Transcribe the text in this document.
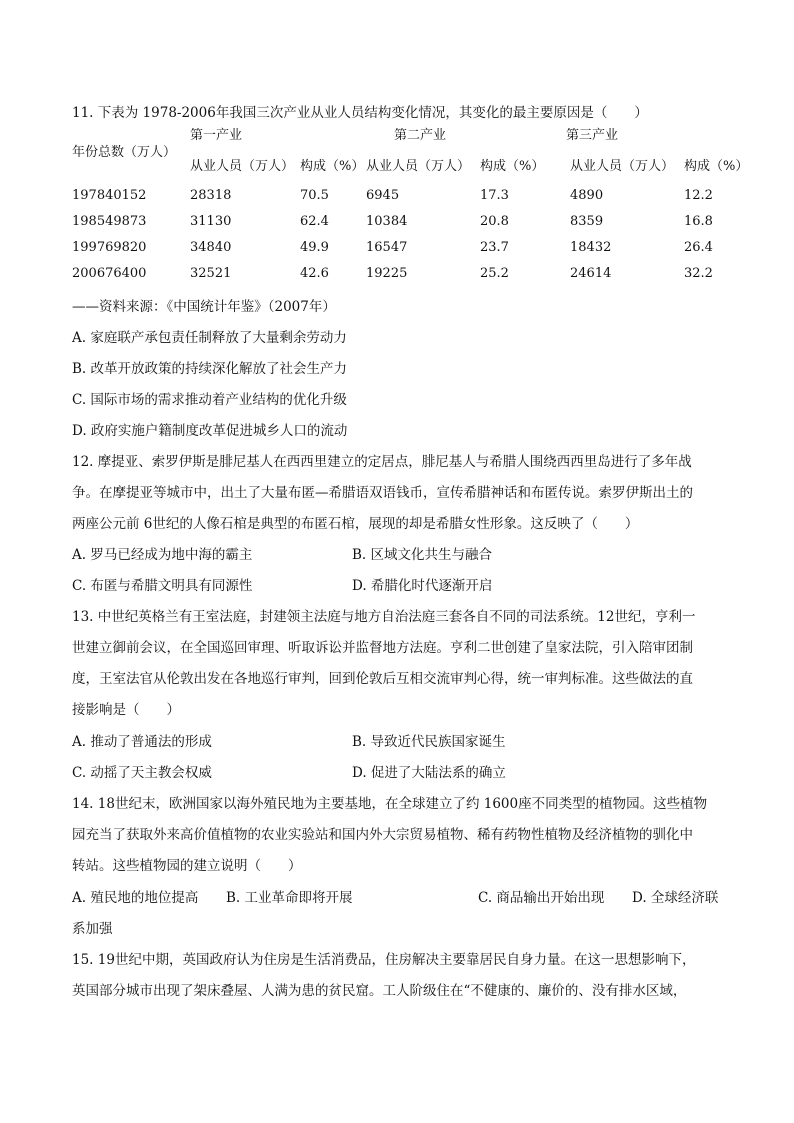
11. 下表为 1978-2006年我国三次产业从业人员结构变化情况，其变化的最主要原因是（　　）
年份总数（万人）
第一产业	第二产业	第三产业
从业人员（万人） 构成（%） 从业人员（万人） 构成（%） 从业人员（万人） 构成（%）
197840152	28318	70.5	6945	17.3	4890	12.2
198549873	31130	62.4	10384	20.8	8359	16.8
199769820	34840	49.9	16547	23.7	18432	26.4
200676400	32521	42.6	19225	25.2	24614	32.2
——资料来源：《中国统计年鉴》（2007年）
A. 家庭联产承包责任制释放了大量剩余劳动力
B. 改革开放政策的持续深化解放了社会生产力
C. 国际市场的需求推动着产业结构的优化升级
D. 政府实施户籍制度改革促进城乡人口的流动
12. 摩提亚、索罗伊斯是腓尼基人在西西里建立的定居点，腓尼基人与希腊人围绕西西里岛进行了多年战
争。在摩提亚等城市中，出土了大量布匿—希腊语双语钱币，宣传希腊神话和布匿传说。索罗伊斯出土的
两座公元前 6世纪的人像石棺是典型的布匿石棺，展现的却是希腊女性形象。这反映了（　　）
A. 罗马已经成为地中海的霸主	B. 区域文化共生与融合
C. 布匿与希腊文明具有同源性	D. 希腊化时代逐渐开启
13. 中世纪英格兰有王室法庭，封建领主法庭与地方自治法庭三套各自不同的司法系统。12世纪，亨利一
世建立御前会议，在全国巡回审理、听取诉讼并监督地方法庭。亨利二世创建了皇家法院，引入陪审团制
度，王室法官从伦敦出发在各地巡行审判，回到伦敦后互相交流审判心得，统一审判标准。这些做法的直
接影响是（　　）
A. 推动了普通法的形成	B. 导致近代民族国家诞生
C. 动摇了天主教会权威	D. 促进了大陆法系的确立
14. 18世纪末，欧洲国家以海外殖民地为主要基地，在全球建立了约 1600座不同类型的植物园。这些植物
园充当了获取外来高价值植物的农业实验站和国内外大宗贸易植物、稀有药物性植物及经济植物的驯化中
转站。这些植物园的建立说明（　　）
A. 殖民地的地位提高 B. 工业革命即将开展	C. 商品输出开始出现 D. 全球经济联
系加强
15. 19世纪中期，英国政府认为住房是生活消费品，住房解决主要靠居民自身力量。在这一思想影响下，
英国部分城市出现了架床叠屋、人满为患的贫民窟。工人阶级住在“不健康的、廉价的、没有排水区域，
